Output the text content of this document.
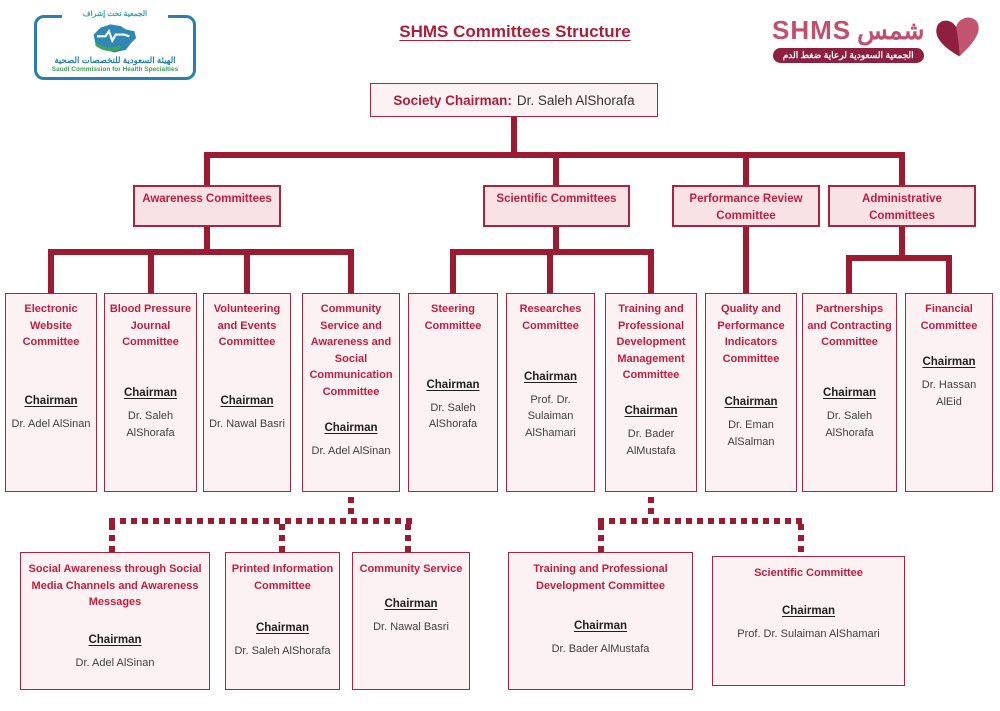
الجمعية تحت إشراف
الهيئة السعودية للتخصصات الصحية
Saudi Commission for Health Specialties
SHMS Committees Structure	SHMS شمس
الجمعية السعودية لرعاية ضغط الدم
Society Chairman: Dr. Saleh AlShorafa
Awareness Committees	Scientific Committees	Performance Review Committee
Administrative Committees
Electronic Website Committee
Chairman
Dr. Adel AlSinan
Blood Pressure Journal Committee
Chairman
Dr. Saleh AlShorafa
Volunteering and Events Committee
Chairman
Dr. Nawal Basri
Community Service and Awareness and Social Communication Committee
Chairman
Dr. Adel AlSinan
Steering Committee
Chairman
Dr. Saleh AlShorafa
Researches Committee
Chairman
Prof. Dr. Sulaiman AlShamari
Training and Professional Development Management Committee
Chairman
Dr. Bader AlMustafa
Quality and Performance Indicators Committee
Chairman
Dr. Eman AlSalman
Partnerships and Contracting Committee
Chairman
Dr. Saleh AlShorafa
Financial Committee
Chairman
Dr. Hassan AlEid
Social Awareness through Social Media Channels and Awareness Messages
Chairman
Dr. Adel AlSinan
Printed Information Committee
Chairman
Dr. Saleh AlShorafa
Community Service
Chairman
Dr. Nawal Basri
Training and Professional Development Committee
Chairman
Dr. Bader AlMustafa
Scientific Committee
Chairman
Prof. Dr. Sulaiman AlShamari
